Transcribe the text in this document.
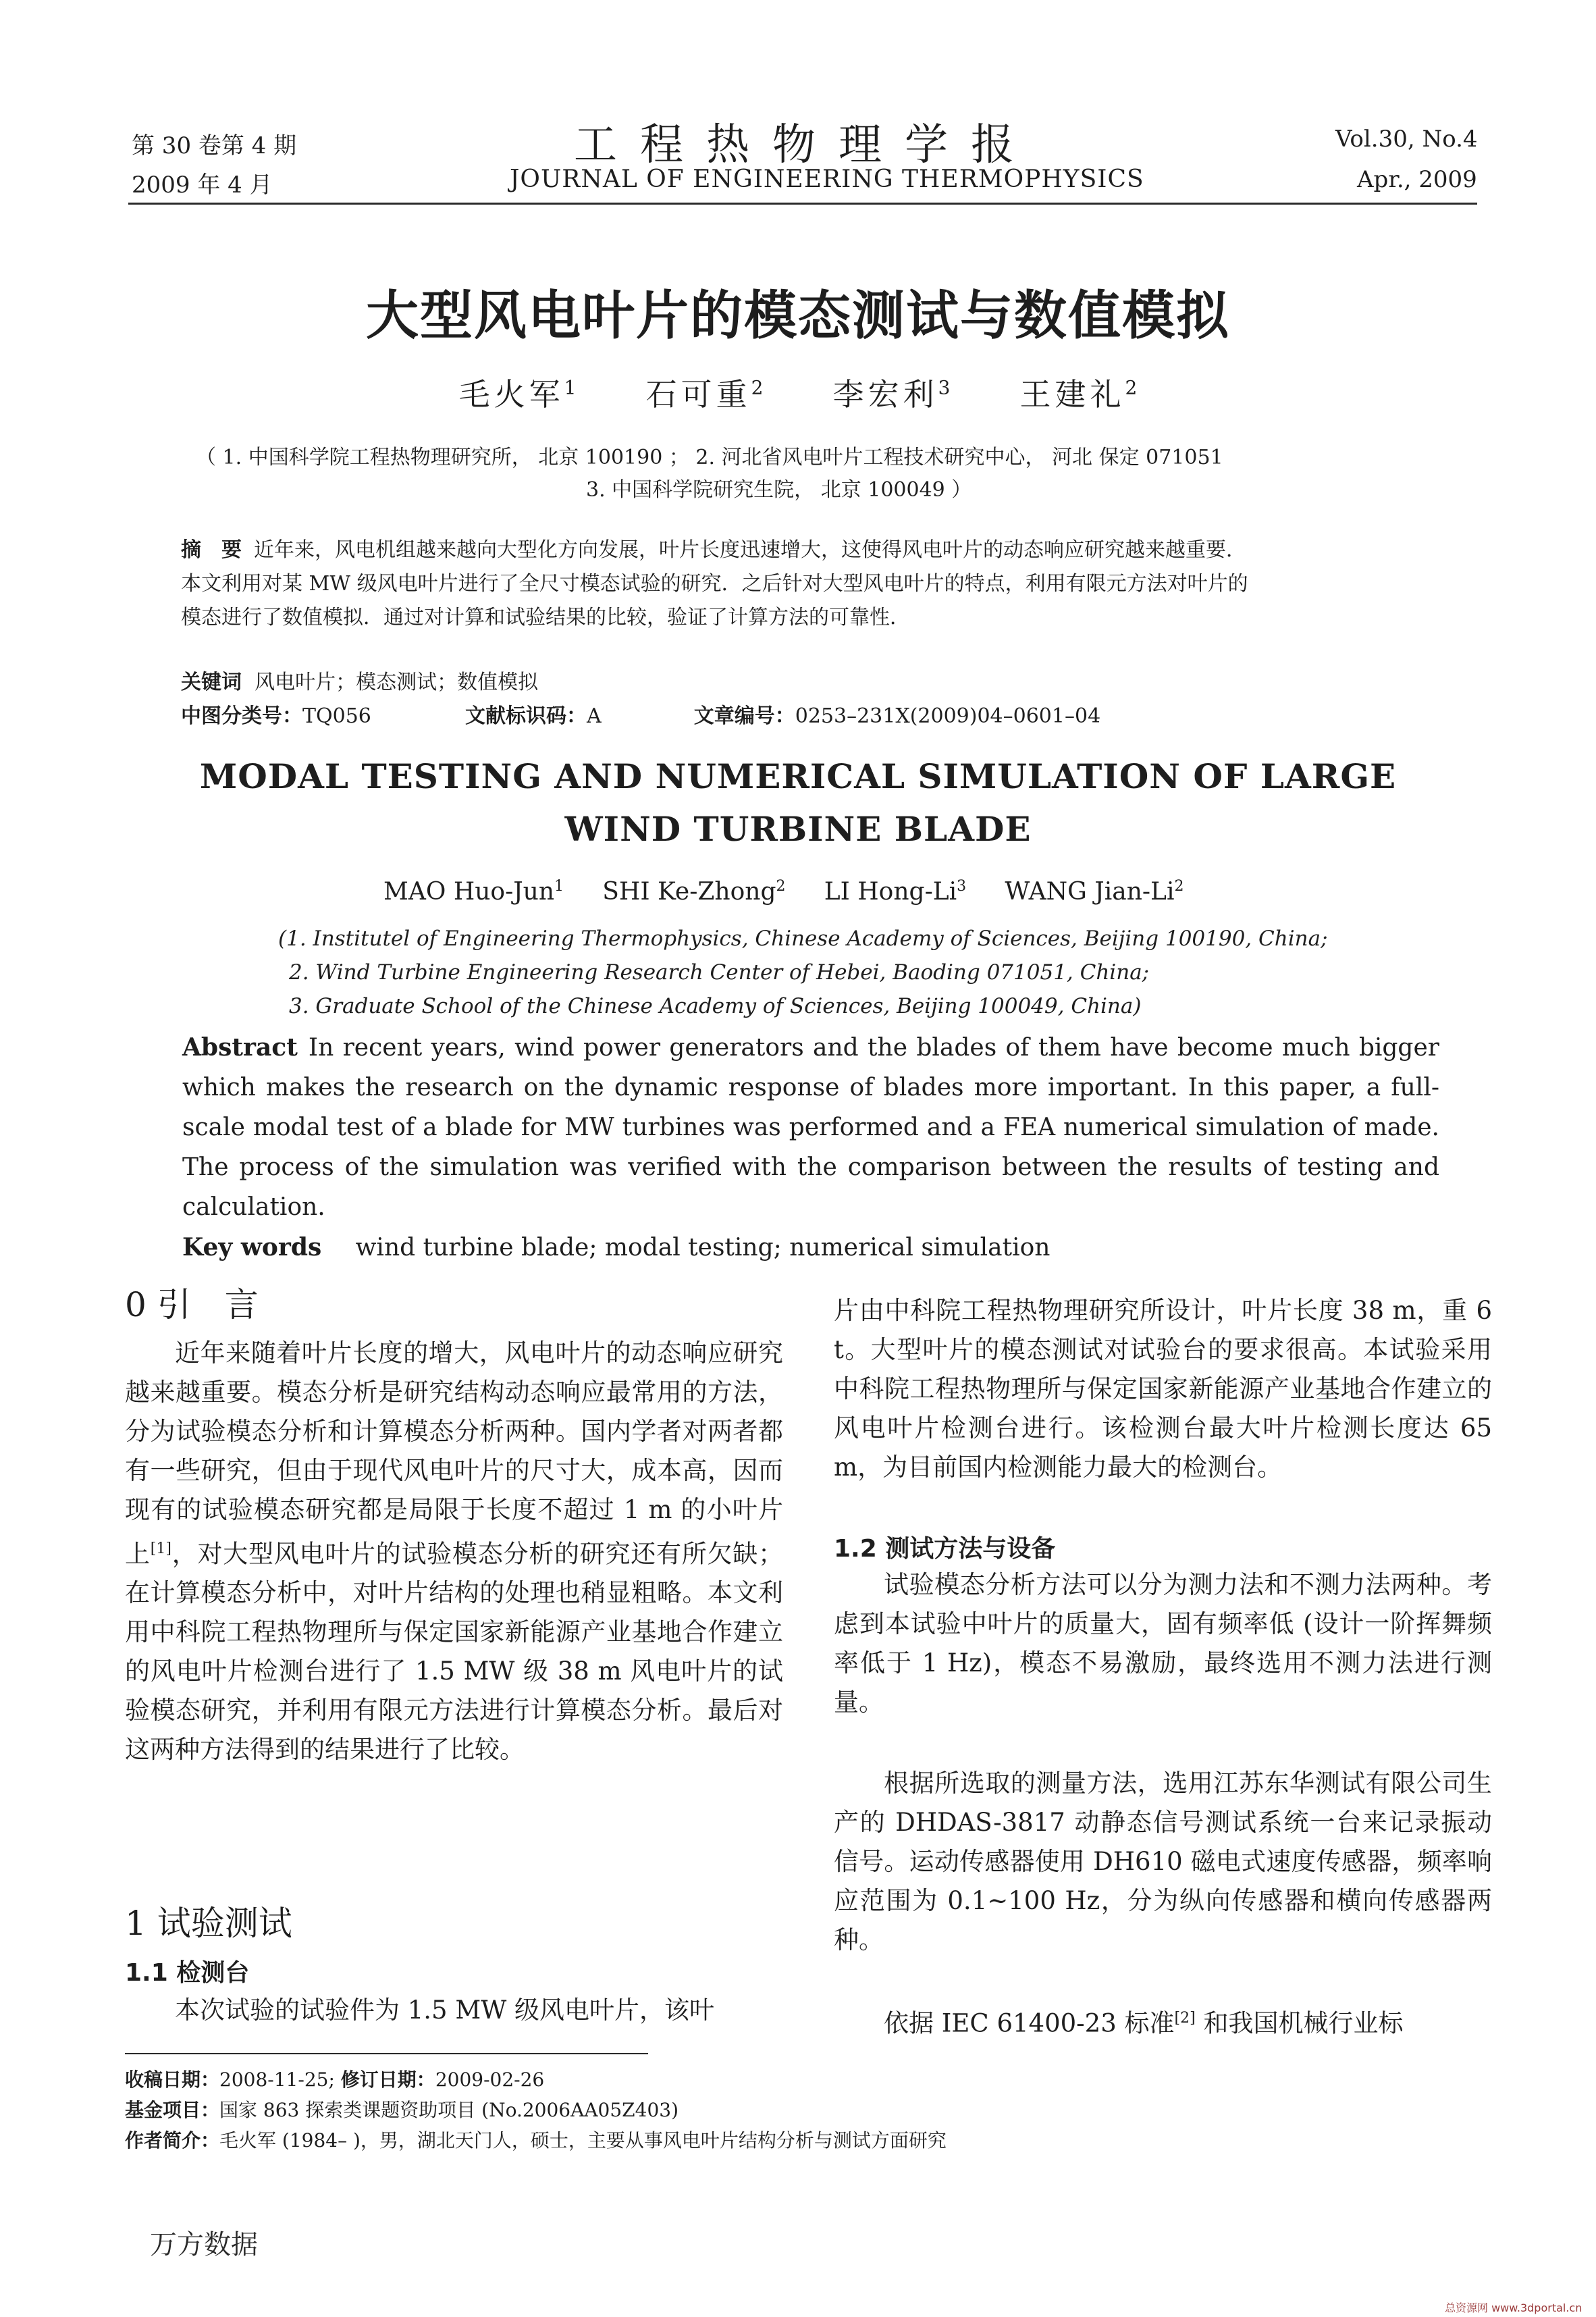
第 30 卷第 4 期
2009 年 4 月
工程热物理学报
JOURNAL OF ENGINEERING THERMOPHYSICS
Vol.30, No.4
Apr., 2009
大型风电叶片的模态测试与数值模拟
毛火军$^1$ 石可重$^2$ 李宏利$^3$ 王建礼$^2$
（ 1. 中国科学院工程热物理研究所， 北京 100190 ； 2. 河北省风电叶片工程技术研究中心， 河北 保定 071051
3. 中国科学院研究生院， 北京 100049 ）
摘　要 近年来，风电机组越来越向大型化方向发展，叶片长度迅速增大，这使得风电叶片的动态响应研究越来越重要．
本文利用对某 MW 级风电叶片进行了全尺寸模态试验的研究．之后针对大型风电叶片的特点，利用有限元方法对叶片的
模态进行了数值模拟．通过对计算和试验结果的比较，验证了计算方法的可靠性．
关键词 风电叶片；模态测试；数值模拟
中图分类号：TQ056	文献标识码：A	文章编号：0253–231X(2009)04–0601–04
MODAL TESTING AND NUMERICAL SIMULATION OF LARGE
WIND TURBINE BLADE
MAO Huo-Jun$^1$ SHI Ke-Zhong$^2$ LI Hong-Li$^3$ WANG Jian-Li$^2$
(1. Institutel of Engineering Thermophysics, Chinese Academy of Sciences, Beijing 100190, China;
2. Wind Turbine Engineering Research Center of Hebei, Baoding 071051, China;
3. Graduate School of the Chinese Academy of Sciences, Beijing 100049, China)
Abstract In recent years, wind power generators and the blades of them have become much bigger which makes the research on the dynamic response of blades more important. In this paper, a full-scale modal test of a blade for MW turbines was performed and a FEA numerical simulation of made. The process of the simulation was verified with the comparison between the results of testing and calculation.
Key words wind turbine blade; modal testing; numerical simulation
0 引　言
近年来随着叶片长度的增大，风电叶片的动态响应研究越来越重要。模态分析是研究结构动态响应最常用的方法，分为试验模态分析和计算模态分析两种。国内学者对两者都有一些研究，但由于现代风电叶片的尺寸大，成本高，因而现有的试验模态研究都是局限于长度不超过 1 m 的小叶片上[1]，对大型风电叶片的试验模态分析的研究还有所欠缺；在计算模态分析中，对叶片结构的处理也稍显粗略。本文利用中科院工程热物理所与保定国家新能源产业基地合作建立的风电叶片检测台进行了 1.5 MW 级 38 m 风电叶片的试验模态研究，并利用有限元方法进行计算模态分析。最后对这两种方法得到的结果进行了比较。
1 试验测试
1.1 检测台
本次试验的试验件为 1.5 MW 级风电叶片，该叶
片由中科院工程热物理研究所设计，叶片长度 38 m，重 6 t。大型叶片的模态测试对试验台的要求很高。本试验采用中科院工程热物理所与保定国家新能源产业基地合作建立的风电叶片检测台进行。该检测台最大叶片检测长度达 65 m，为目前国内检测能力最大的检测台。
1.2 测试方法与设备
试验模态分析方法可以分为测力法和不测力法两种。考虑到本试验中叶片的质量大，固有频率低 (设计一阶挥舞频率低于 1 Hz)，模态不易激励，最终选用不测力法进行测量。
根据所选取的测量方法，选用江苏东华测试有限公司生产的 DHDAS-3817 动静态信号测试系统一台来记录振动信号。运动传感器使用 DH610 磁电式速度传感器，频率响应范围为 0.1~100 Hz，分为纵向传感器和横向传感器两种。
依据 IEC 61400-23 标准[2] 和我国机械行业标
收稿日期：2008-11-25; 修订日期：2009-02-26
基金项目：国家 863 探索类课题资助项目 (No.2006AA05Z403)
作者简介：毛火军 (1984– )，男，湖北天门人，硕士，主要从事风电叶片结构分析与测试方面研究
万方数据
总资源网 www.3dportal.cn
